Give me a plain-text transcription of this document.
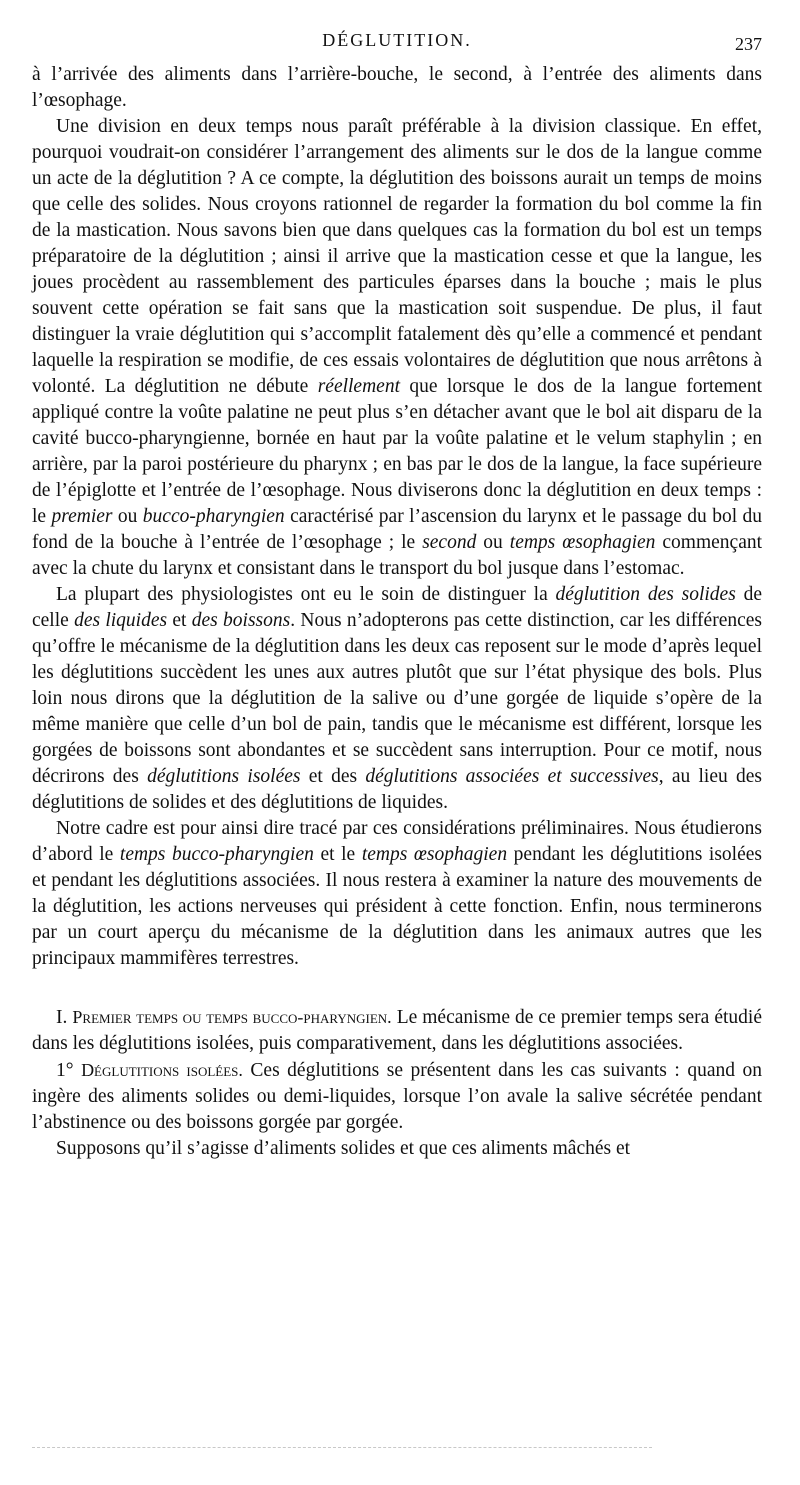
DÉGLUTITION.	237

à l’arrivée des aliments dans l’arrière-bouche, le second, à l’entrée des aliments dans l’œsophage.

Une division en deux temps nous paraît préférable à la division classique. En effet, pourquoi voudrait-on considérer l’arrangement des aliments sur le dos de la langue comme un acte de la déglutition ? A ce compte, la déglutition des boissons aurait un temps de moins que celle des solides. Nous croyons rationnel de regarder la formation du bol comme la fin de la mastication. Nous savons bien que dans quelques cas la formation du bol est un temps préparatoire de la déglutition ; ainsi il arrive que la mastication cesse et que la langue, les joues procèdent au rassemblement des particules éparses dans la bouche ; mais le plus souvent cette opération se fait sans que la mastication soit suspendue. De plus, il faut distinguer la vraie déglutition qui s’accomplit fatalement dès qu’elle a commencé et pendant laquelle la respiration se modifie, de ces essais volontaires de déglutition que nous arrêtons à volonté. La déglutition ne débute réellement que lorsque le dos de la langue fortement appliqué contre la voûte palatine ne peut plus s’en détacher avant que le bol ait disparu de la cavité bucco-pharyngienne, bornée en haut par la voûte palatine et le velum staphylin ; en arrière, par la paroi postérieure du pharynx ; en bas par le dos de la langue, la face supérieure de l’épiglotte et l’entrée de l’œsophage. Nous diviserons donc la déglutition en deux temps : le premier ou bucco-pharyngien caractérisé par l’ascension du larynx et le passage du bol du fond de la bouche à l’entrée de l’œsophage ; le second ou temps œsophagien commençant avec la chute du larynx et consistant dans le transport du bol jusque dans l’estomac.

La plupart des physiologistes ont eu le soin de distinguer la déglutition des solides de celle des liquides et des boissons. Nous n’adopterons pas cette distinction, car les différences qu’offre le mécanisme de la déglutition dans les deux cas reposent sur le mode d’après lequel les déglutitions succèdent les unes aux autres plutôt que sur l’état physique des bols. Plus loin nous dirons que la déglutition de la salive ou d’une gorgée de liquide s’opère de la même manière que celle d’un bol de pain, tandis que le mécanisme est différent, lorsque les gorgées de boissons sont abondantes et se succèdent sans interruption. Pour ce motif, nous décrirons des déglutitions isolées et des déglutitions associées et successives, au lieu des déglutitions de solides et des déglutitions de liquides.

Notre cadre est pour ainsi dire tracé par ces considérations préliminaires. Nous étudierons d’abord le temps bucco-pharyngien et le temps œsophagien pendant les déglutitions isolées et pendant les déglutitions associées. Il nous restera à examiner la nature des mouvements de la déglutition, les actions nerveuses qui président à cette fonction. Enfin, nous terminerons par un court aperçu du mécanisme de la déglutition dans les animaux autres que les principaux mammifères terrestres.

I. Premier temps ou temps bucco-pharyngien. Le mécanisme de ce premier temps sera étudié dans les déglutitions isolées, puis comparativement, dans les déglutitions associées.

1° Déglutitions isolées. Ces déglutitions se présentent dans les cas suivants : quand on ingère des aliments solides ou demi-liquides, lorsque l’on avale la salive sécrétée pendant l’abstinence ou des boissons gorgée par gorgée.

Supposons qu’il s’agisse d’aliments solides et que ces aliments mâchés et
